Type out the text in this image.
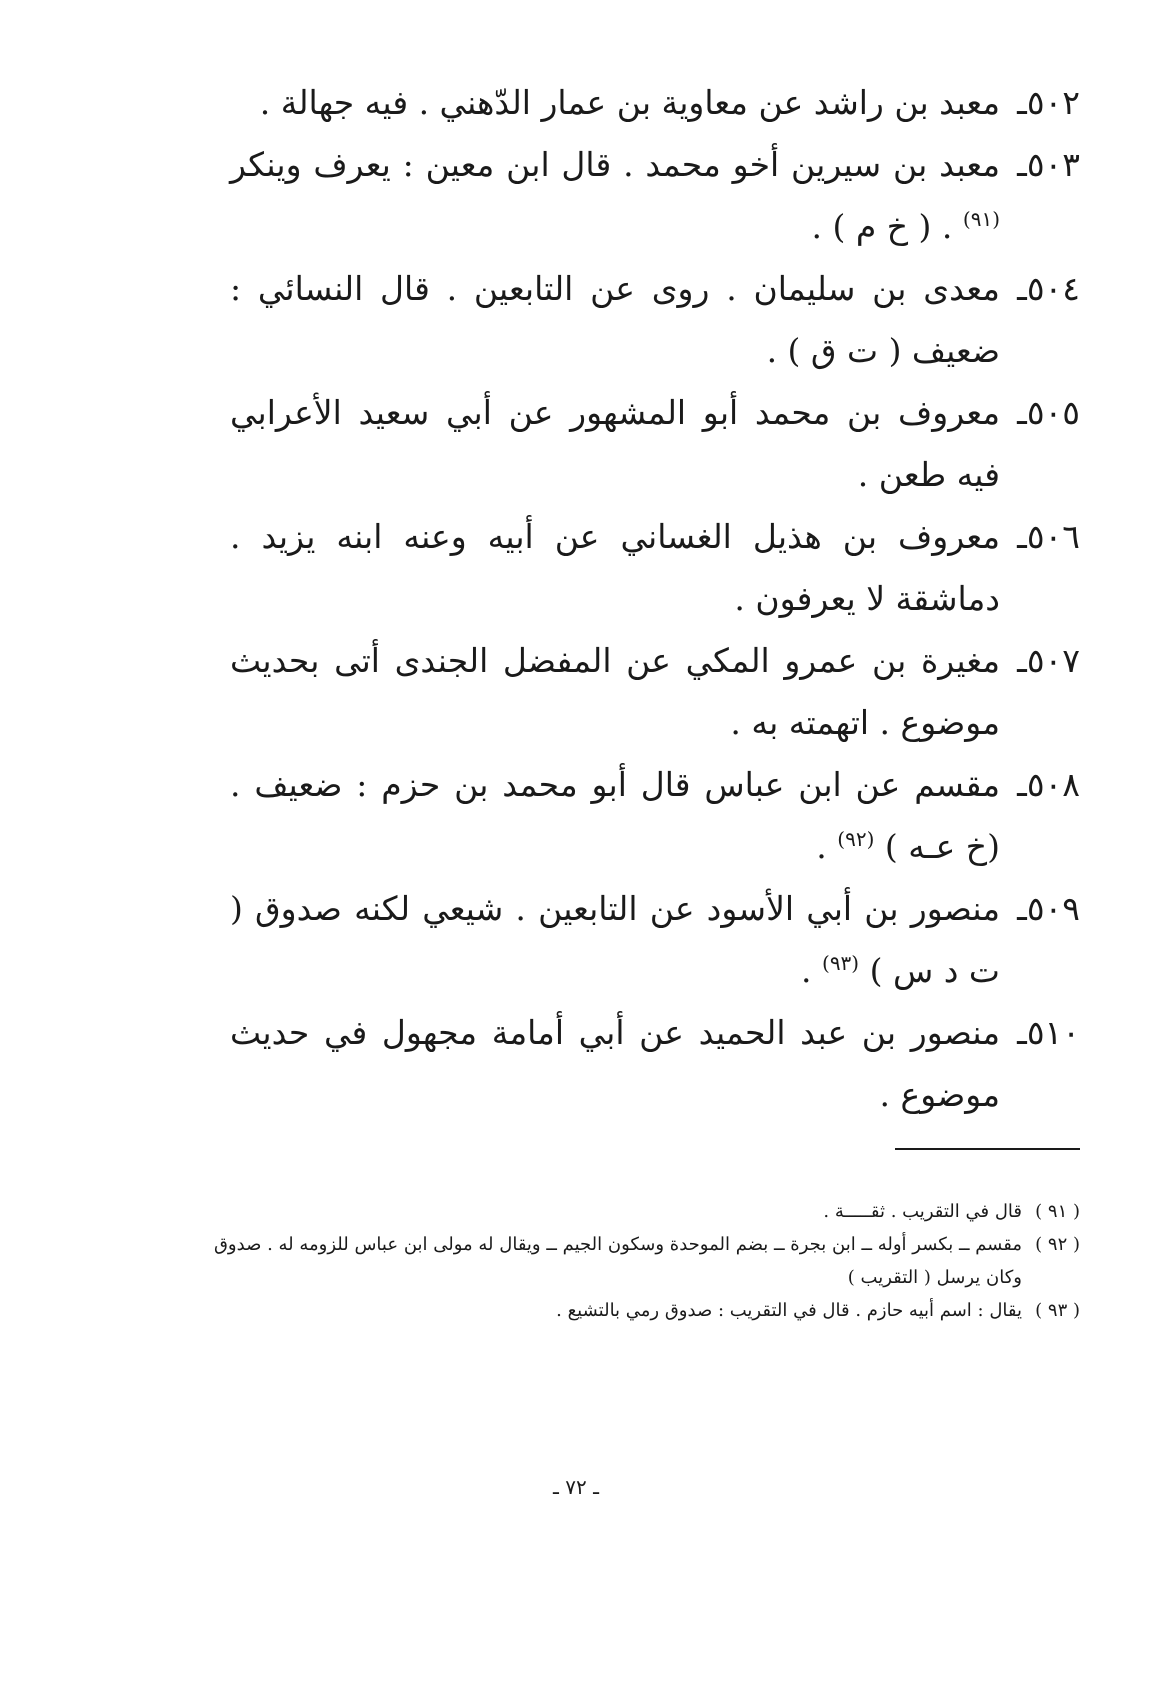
٥٠٢ـ
معبد بن راشد عن معاوية بن عمار الدّهني . فيه جهالة .
٥٠٣ـ
معبد بن سيرين أخو محمد . قال ابن معين : يعرف وينكر $^{(٩١)}$ . ( خ م ) .
٥٠٤ـ
معدى بن سليمان . روى عن التابعين . قال النسائي : ضعيف ( ت ق ) .
٥٠٥ـ
معروف بن محمد أبو المشهور عن أبي سعيد الأعرابي فيه طعن .
٥٠٦ـ
معروف بن هذيل الغساني عن أبيه وعنه ابنه يزيد . دماشقة لا يعرفون .
٥٠٧ـ
مغيرة بن عمرو المكي عن المفضل الجندى أتى بحديث موضوع . اتهمته به .
٥٠٨ـ
مقسم عن ابن عباس قال أبو محمد بن حزم : ضعيف . (خ عـه ) $^{(٩٢)}$ .
٥٠٩ـ
منصور بن أبي الأسود عن التابعين . شيعي لكنه صدوق ( ت د س ) $^{(٩٣)}$ .
٥١٠ـ
منصور بن عبد الحميد عن أبي أمامة مجهول في حديث موضوع .
( ٩١ )
قال في التقريب . ثقـــــة .
( ٩٢ )
مقسم ــ بكسر أوله ــ ابن بجرة ــ بضم الموحدة وسكون الجيم ــ ويقال له مولى ابن عباس للزومه له . صدوق وكان يرسل ( التقريب )
( ٩٣ )
يقال : اسم أبيه حازم . قال في التقريب : صدوق رمي بالتشيع .
ـ ٧٢ ـ
